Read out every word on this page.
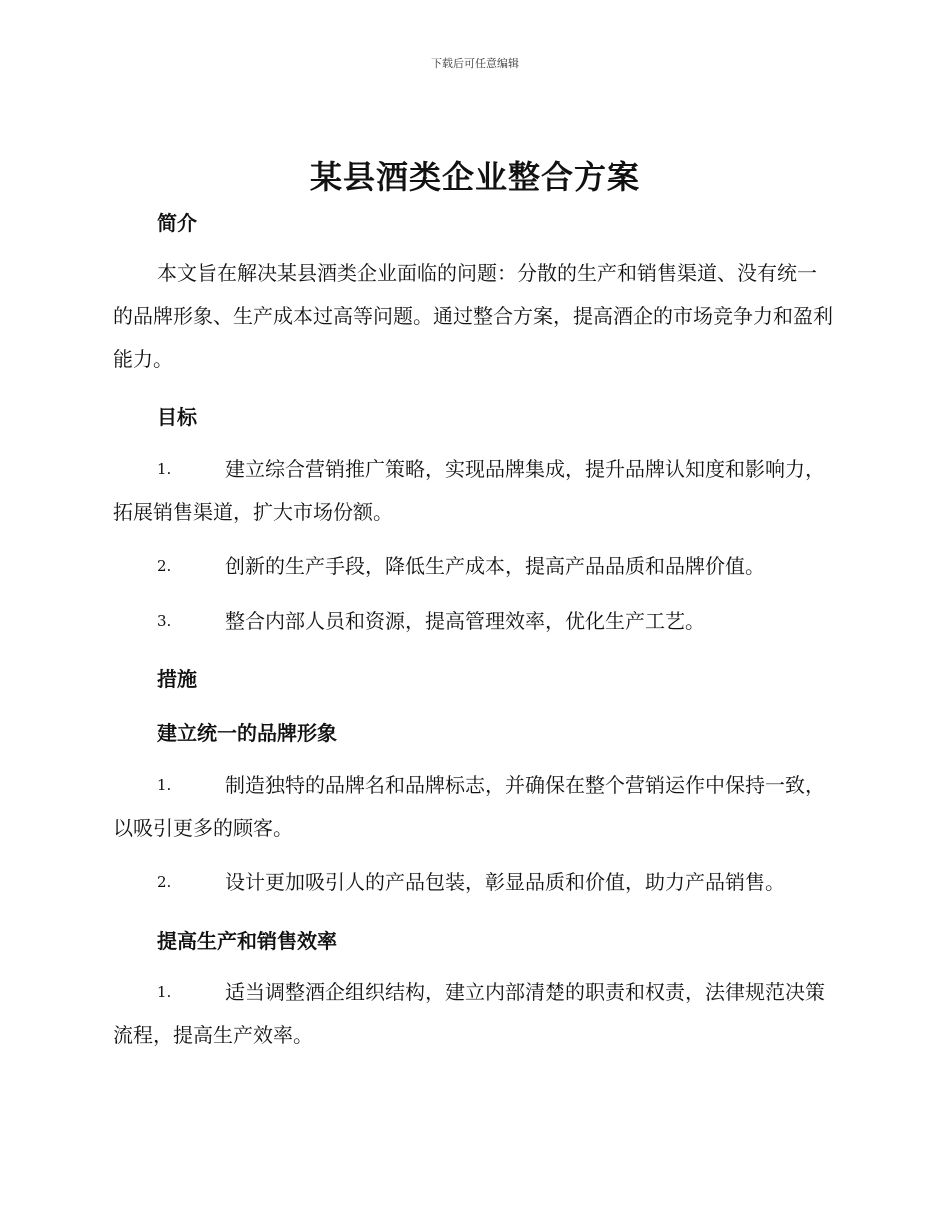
下载后可任意编辑
某县酒类企业整合方案
简介
本文旨在解决某县酒类企业面临的问题：分散的生产和销售渠道、没有统一的品牌形象、生产成本过高等问题。通过整合方案，提高酒企的市场竞争力和盈利能力。
目标
1.	建立综合营销推广策略，实现品牌集成，提升品牌认知度和影响力，拓展销售渠道，扩大市场份额。
2.	创新的生产手段，降低生产成本，提高产品品质和品牌价值。
3.	整合内部人员和资源，提高管理效率，优化生产工艺。
措施
建立统一的品牌形象
1.	制造独特的品牌名和品牌标志，并确保在整个营销运作中保持一致，以吸引更多的顾客。
2.	设计更加吸引人的产品包装，彰显品质和价值，助力产品销售。
提高生产和销售效率
1.	适当调整酒企组织结构，建立内部清楚的职责和权责，法律规范决策流程，提高生产效率。
